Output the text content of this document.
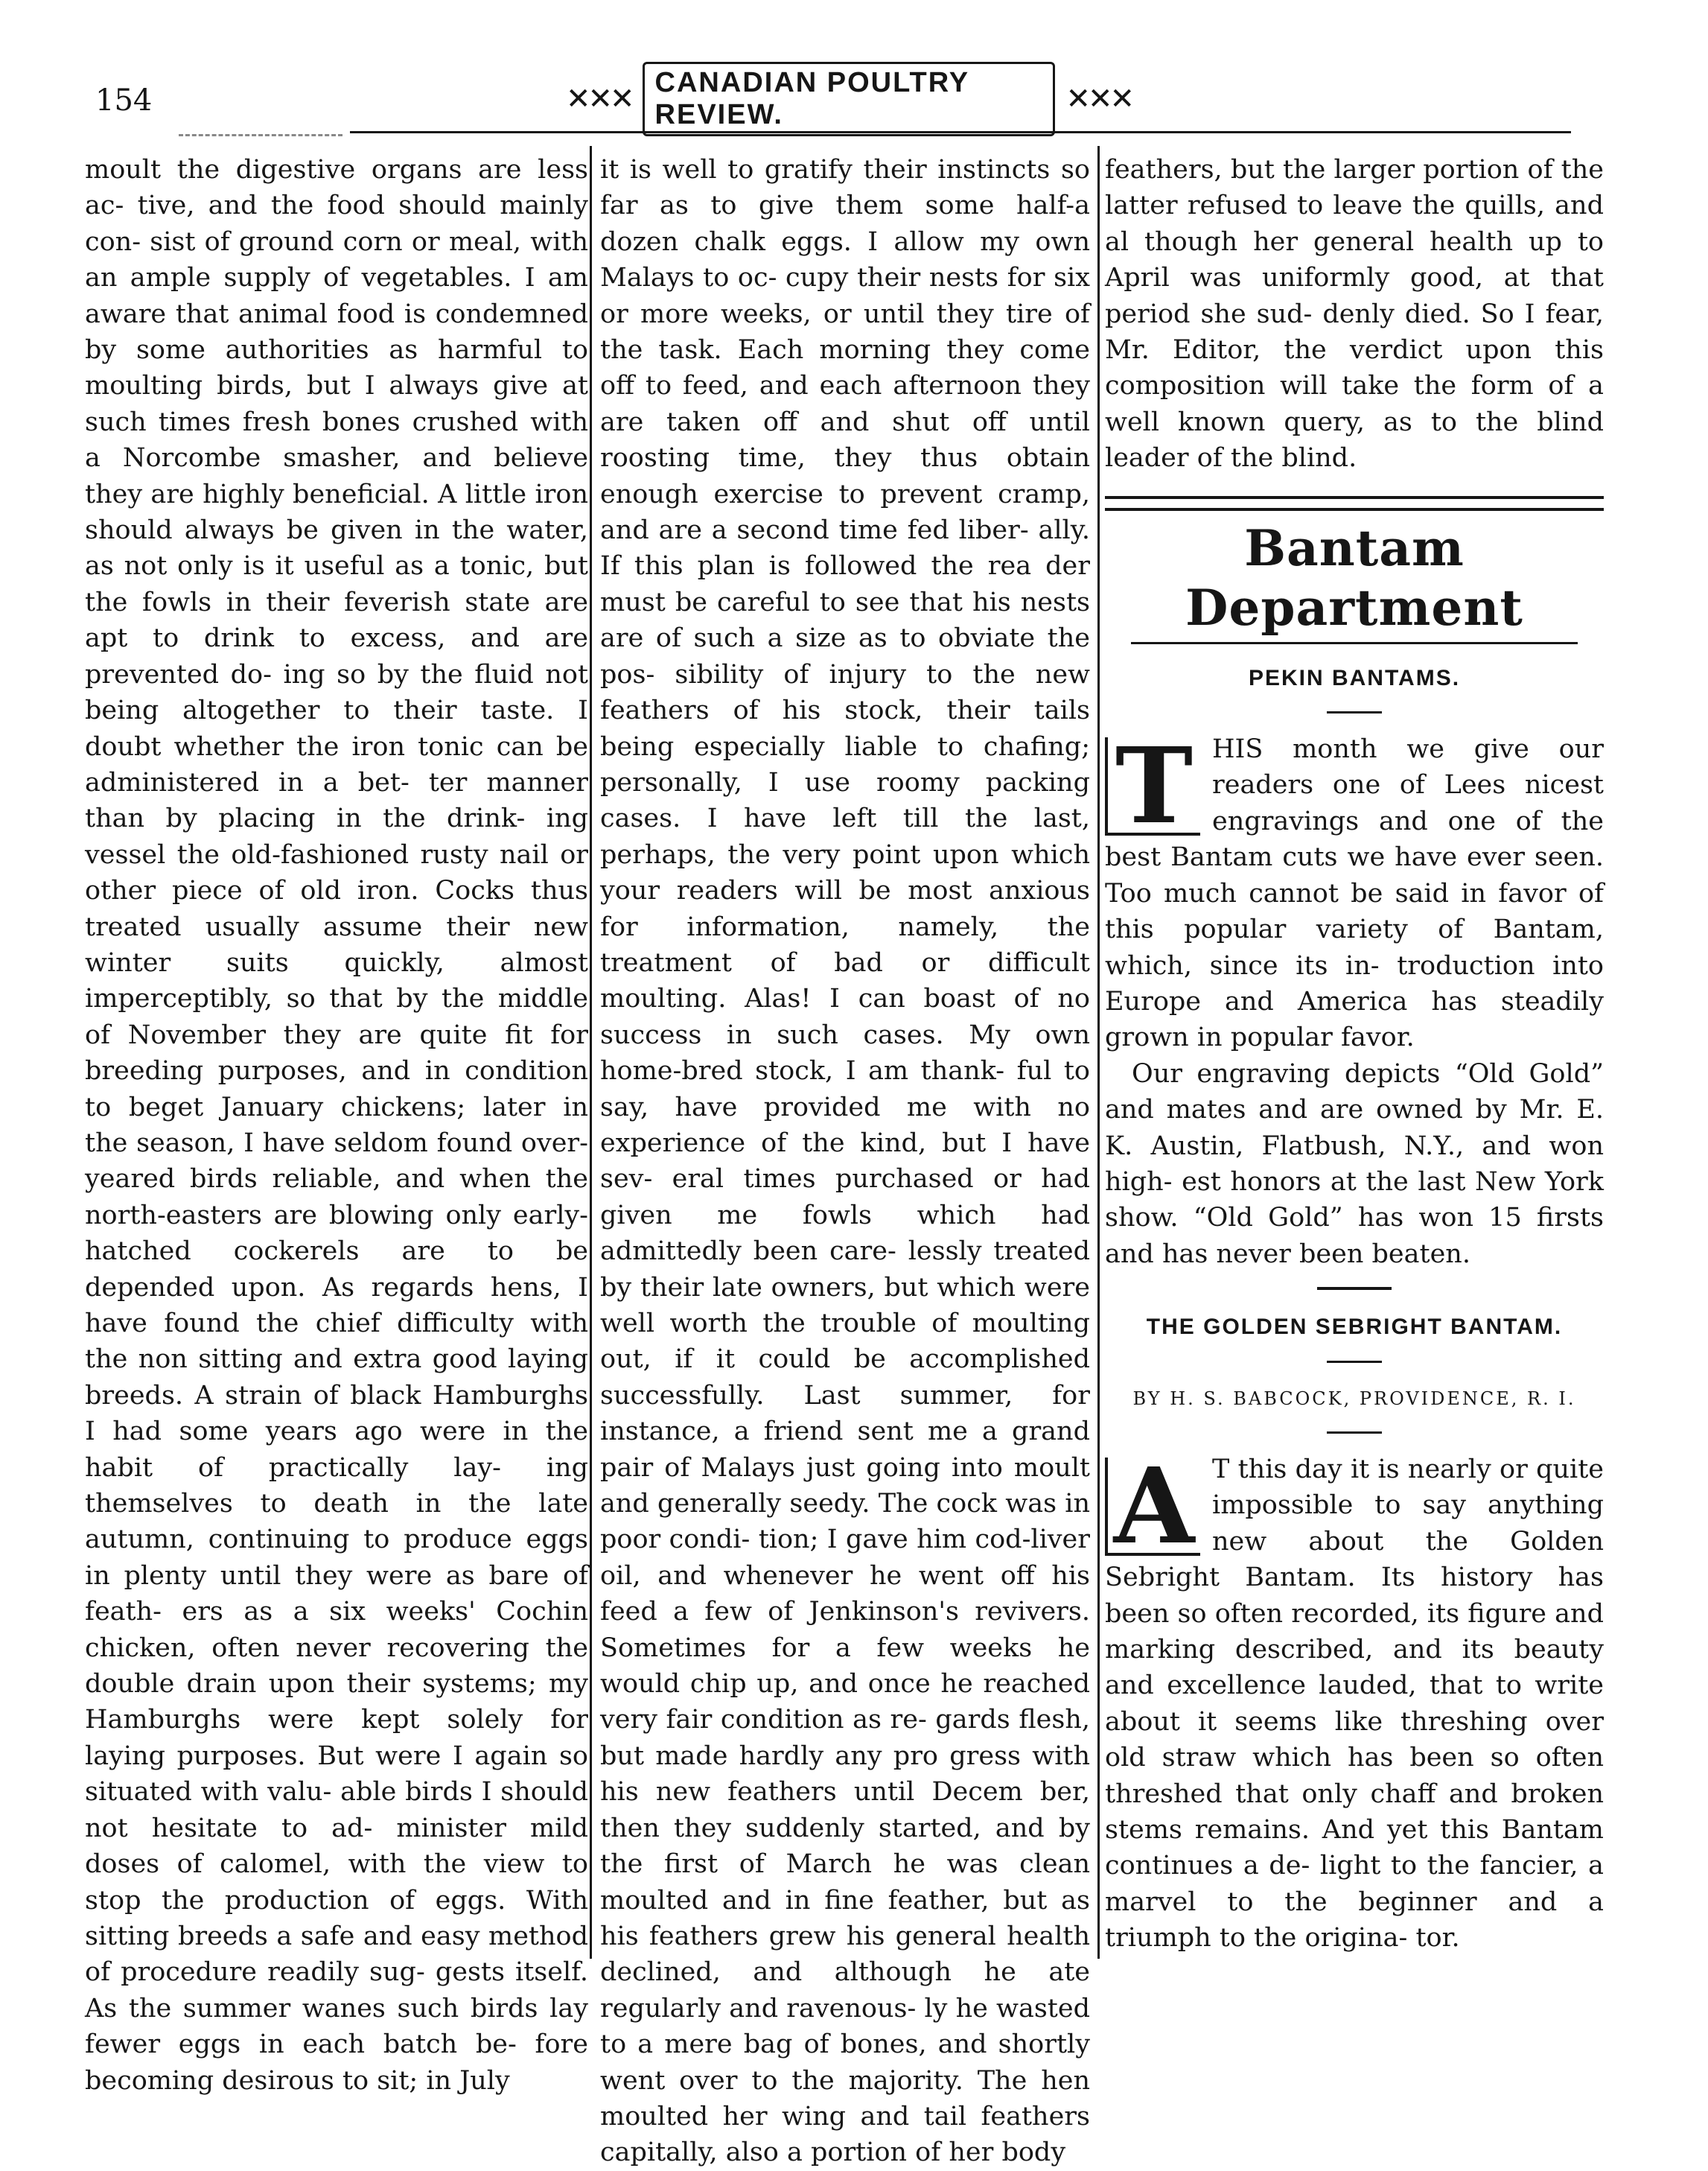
154	✕✕✕ CANADIAN POULTRY REVIEW.	✕✕✕

moult the digestive organs are less ac- tive, and the food should mainly con- sist of ground corn or meal, with an ample supply of vegetables. I am aware that animal food is condemned by some authorities as harmful to moulting birds, but I always give at such times fresh bones crushed with a Norcombe smasher, and believe they are highly beneficial. A little iron should always be given in the water, as not only is it useful as a tonic, but the fowls in their feverish state are apt to drink to excess, and are prevented do- ing so by the fluid not being altogether to their taste. I doubt whether the iron tonic can be administered in a bet- ter manner than by placing in the drink- ing vessel the old-fashioned rusty nail or other piece of old iron. Cocks thus treated usually assume their new winter suits quickly, almost imperceptibly, so that by the middle of November they are quite fit for breeding purposes, and in condition to beget January chickens; later in the season, I have seldom found over-yeared birds reliable, and when the north-easters are blowing only early- hatched cockerels are to be depended upon. As regards hens, I have found the chief difficulty with the non sitting and extra good laying breeds. A strain of black Hamburghs I had some years ago were in the habit of practically lay- ing themselves to death in the late autumn, continuing to produce eggs in plenty until they were as bare of feath- ers as a six weeks' Cochin chicken, often never recovering the double drain upon their systems; my Hamburghs were kept solely for laying purposes. But were I again so situated with valu- able birds I should not hesitate to ad- minister mild doses of calomel, with the view to stop the production of eggs. With sitting breeds a safe and easy method of procedure readily sug- gests itself. As the summer wanes such birds lay fewer eggs in each batch be- fore becoming desirous to sit; in July

it is well to gratify their instincts so far as to give them some half-a dozen chalk eggs. I allow my own Malays to oc- cupy their nests for six or more weeks, or until they tire of the task. Each morning they come off to feed, and each afternoon they are taken off and shut off until roosting time, they thus obtain enough exercise to prevent cramp, and are a second time fed liber- ally. If this plan is followed the rea der must be careful to see that his nests are of such a size as to obviate the pos- sibility of injury to the new feathers of his stock, their tails being especially liable to chafing; personally, I use roomy packing cases. I have left till the last, perhaps, the very point upon which your readers will be most anxious for information, namely, the treatment of bad or difficult moulting. Alas! I can boast of no success in such cases. My own home-bred stock, I am thank- ful to say, have provided me with no experience of the kind, but I have sev- eral times purchased or had given me fowls which had admittedly been care- lessly treated by their late owners, but which were well worth the trouble of moulting out, if it could be accomplished successfully. Last summer, for instance, a friend sent me a grand pair of Malays just going into moult and generally seedy. The cock was in poor condi- tion; I gave him cod-liver oil, and whenever he went off his feed a few of Jenkinson's revivers. Sometimes for a few weeks he would chip up, and once he reached very fair condition as re- gards flesh, but made hardly any pro gress with his new feathers until Decem ber, then they suddenly started, and by the first of March he was clean moulted and in fine feather, but as his feathers grew his general health declined, and although he ate regularly and ravenous- ly he wasted to a mere bag of bones, and shortly went over to the majority. The hen moulted her wing and tail feathers capitally, also a portion of her body

feathers, but the larger portion of the latter refused to leave the quills, and al though her general health up to April was uniformly good, at that period she sud- denly died. So I fear, Mr. Editor, the verdict upon this composition will take the form of a well known query, as to the blind leader of the blind.

Bantam Department

PEKIN BANTAMS.

T HIS month we give our readers one of Lees nicest engravings and one of the best Bantam cuts we have ever seen. Too much cannot be said in favor of this popular variety of Bantam, which, since its in- troduction into Europe and America has steadily grown in popular favor.

Our engraving depicts “Old Gold” and mates and are owned by Mr. E. K. Austin, Flatbush, N.Y., and won high- est honors at the last New York show. “Old Gold” has won 15 firsts and has never been beaten.

THE GOLDEN SEBRIGHT BANTAM.

BY H. S. BABCOCK, PROVIDENCE, R. I.

A T this day it is nearly or quite impossible to say anything new about the Golden Sebright Bantam. Its history has been so often recorded, its figure and marking described, and its beauty and excellence lauded, that to write about it seems like threshing over old straw which has been so often threshed that only chaff and broken stems remains. And yet this Bantam continues a de- light to the fancier, a marvel to the beginner and a triumph to the origina- tor.
